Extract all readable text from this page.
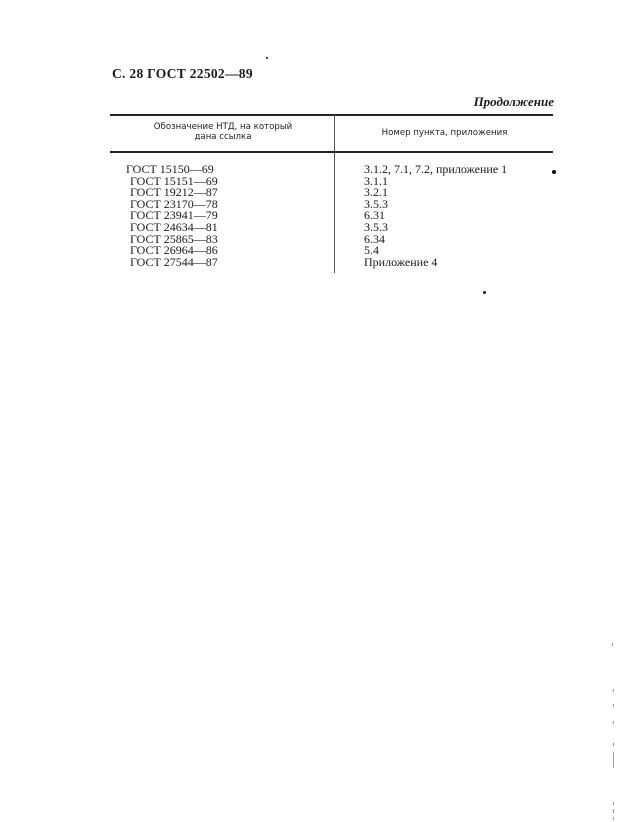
С. 28 ГОСТ 22502—89
Продолжение
Обозначение НТД, на который
дана ссылка	Номер пункта, приложения
ГОСТ 15150—69
ГОСТ 15151—69
ГОСТ 19212—87
ГОСТ 23170—78
ГОСТ 23941—79
ГОСТ 24634—81
ГОСТ 25865—83
ГОСТ 26964—86
ГОСТ 27544—87
3.1.2, 7.1, 7.2, приложение 1
3.1.1
3.2.1
3.5.3
6.31
3.5.3
6.34
5.4
Приложение 4
